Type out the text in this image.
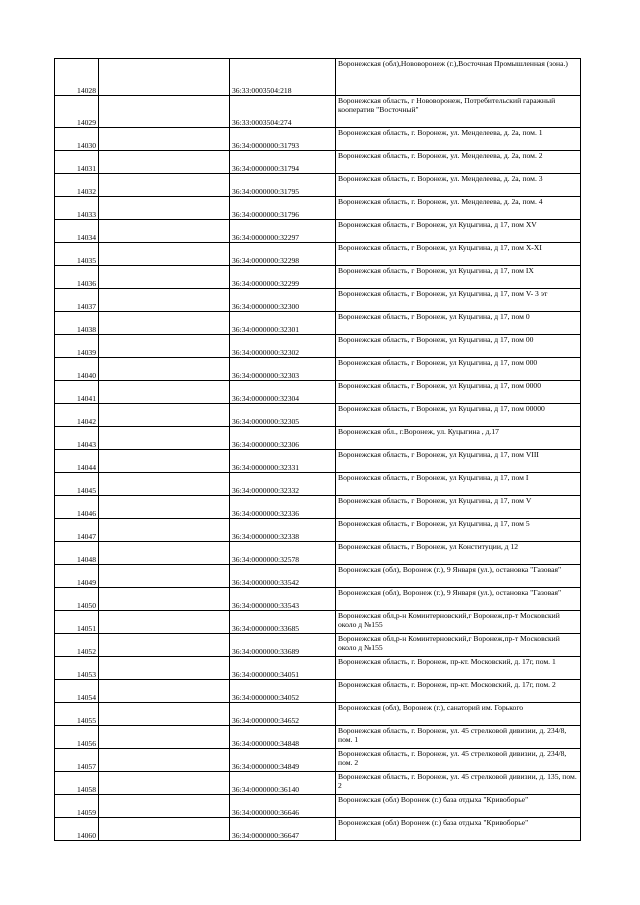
14028		36:33:0003504:218	Воронежская (обл),Нововоронеж (г.),Восточная Промышленная (зона.)
14029		36:33:0003504:274	Воронежская область, г Нововоронеж, Потребительский гаражный кооператив "Восточный"
14030		36:34:0000000:31793	Воронежская область, г. Воронеж, ул. Менделеева, д. 2а, пом. 1
14031		36:34:0000000:31794	Воронежская область, г. Воронеж, ул. Менделеева, д. 2а, пом. 2
14032		36:34:0000000:31795	Воронежская область, г. Воронеж, ул. Менделеева, д. 2а, пом. 3
14033		36:34:0000000:31796	Воронежская область, г. Воронеж, ул. Менделеева, д. 2а, пом. 4
14034		36:34:0000000:32297	Воронежская область, г Воронеж, ул Куцыгина, д 17, пом XV
14035		36:34:0000000:32298	Воронежская область, г Воронеж, ул Куцыгина, д 17, пом X-XI
14036		36:34:0000000:32299	Воронежская область, г Воронеж, ул Куцыгина, д 17, пом IX
14037		36:34:0000000:32300	Воронежская область, г Воронеж, ул Куцыгина, д 17, пом V- 3 эт
14038		36:34:0000000:32301	Воронежская область, г Воронеж, ул Куцыгина, д 17, пом 0
14039		36:34:0000000:32302	Воронежская область, г Воронеж, ул Куцыгина, д 17, пом 00
14040		36:34:0000000:32303	Воронежская область, г Воронеж, ул Куцыгина, д 17, пом 000
14041		36:34:0000000:32304	Воронежская область, г Воронеж, ул Куцыгина, д 17, пом 0000
14042		36:34:0000000:32305	Воронежская область, г Воронеж, ул Куцыгина, д 17, пом 00000
14043		36:34:0000000:32306	Воронежская обл., г.Воронеж, ул. Куцыгина , д.17
14044		36:34:0000000:32331	Воронежская область, г Воронеж, ул Куцыгина, д 17, пом VIII
14045		36:34:0000000:32332	Воронежская область, г Воронеж, ул Куцыгина, д 17, пом I
14046		36:34:0000000:32336	Воронежская область, г Воронеж, ул Куцыгина, д 17, пом V
14047		36:34:0000000:32338	Воронежская область, г Воронеж, ул Куцыгина, д 17, пом 5
14048		36:34:0000000:32578	Воронежская область, г Воронеж, ул Конституции, д 12
14049		36:34:0000000:33542	Воронежская (обл), Воронеж (г.), 9 Января (ул.), остановка "Газовая"
14050		36:34:0000000:33543	Воронежская (обл), Воронеж (г.), 9 Января (ул.), остановка "Газовая"
14051		36:34:0000000:33685	Воронежская обл,р-н Коминтерновский,г Воронеж,пр-т Московский около д №155
14052		36:34:0000000:33689	Воронежская обл,р-н Коминтерновский,г Воронеж,пр-т Московский около д №155
14053		36:34:0000000:34051	Воронежская область, г. Воронеж, пр-кт. Московский, д. 17г, пом. 1
14054		36:34:0000000:34052	Воронежская область, г. Воронеж, пр-кт. Московский, д. 17г, пом. 2
14055		36:34:0000000:34652	Воронежская (обл), Воронеж (г.), санаторий им. Горького
14056		36:34:0000000:34848	Воронежская область, г. Воронеж, ул. 45 стрелковой дивизии, д. 234/8, пом. 1
14057		36:34:0000000:34849	Воронежская область, г. Воронеж, ул. 45 стрелковой дивизии, д. 234/8, пом. 2
14058		36:34:0000000:36140	Воронежская область, г. Воронеж, ул. 45 стрелковой дивизии, д. 135, пом. 2
14059		36:34:0000000:36646	Воронежская (обл) Воронеж (г.) база отдыха "Кривоборье"
14060		36:34:0000000:36647	Воронежская (обл) Воронеж (г.) база отдыха "Кривоборье"
